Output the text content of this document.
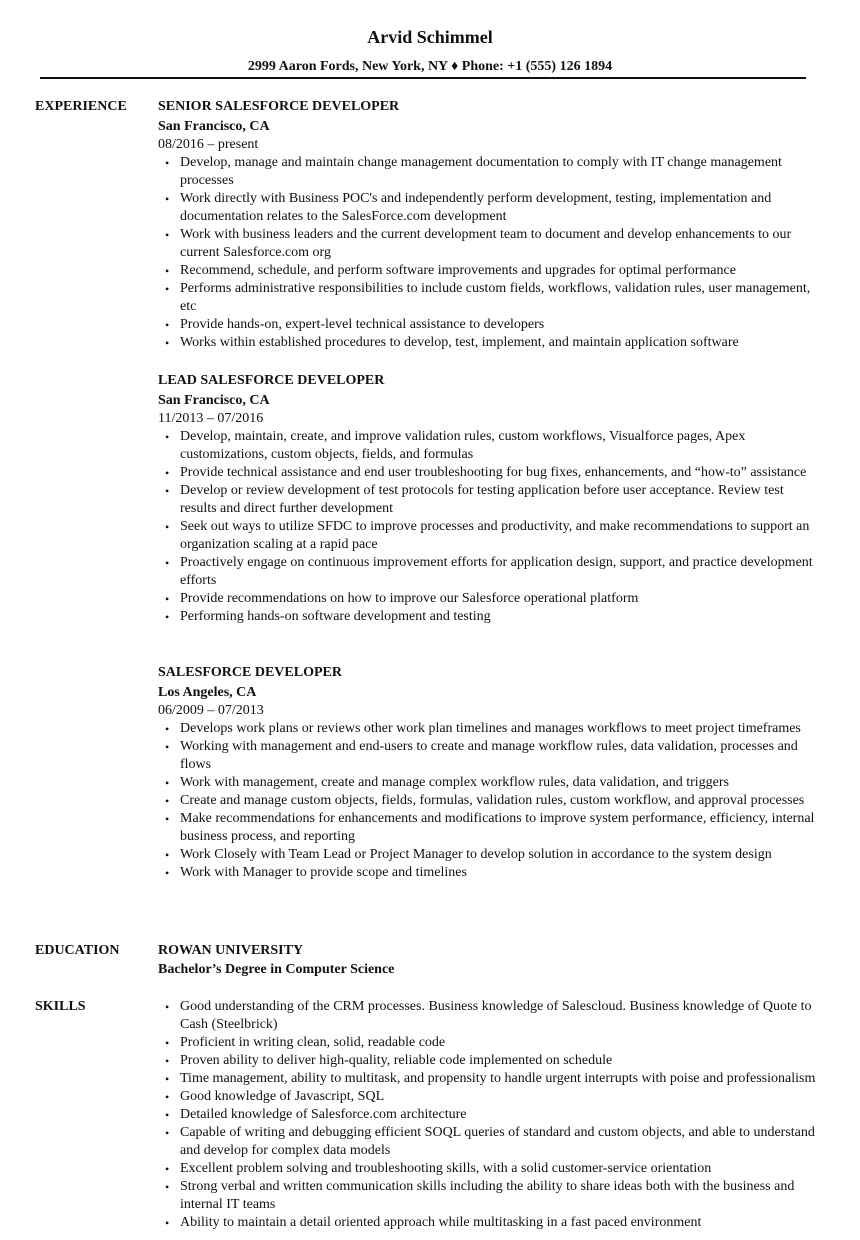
Arvid Schimmel
2999 Aaron Fords, New York, NY ♦ Phone: +1 (555) 126 1894
EXPERIENCE SENIOR SALESFORCE DEVELOPER
San Francisco, CA
08/2016 – present
• Develop, manage and maintain change management documentation to comply with IT change management processes
• Work directly with Business POC's and independently perform development, testing, implementation and documentation relates to the SalesForce.com development
• Work with business leaders and the current development team to document and develop enhancements to our current Salesforce.com org
• Recommend, schedule, and perform software improvements and upgrades for optimal performance
• Performs administrative responsibilities to include custom fields, workflows, validation rules, user management, etc
• Provide hands-on, expert-level technical assistance to developers
• Works within established procedures to develop, test, implement, and maintain application software
LEAD SALESFORCE DEVELOPER
San Francisco, CA
11/2013 – 07/2016
• Develop, maintain, create, and improve validation rules, custom workflows, Visualforce pages, Apex customizations, custom objects, fields, and formulas
• Provide technical assistance and end user troubleshooting for bug fixes, enhancements, and “how-to” assistance
• Develop or review development of test protocols for testing application before user acceptance. Review test results and direct further development
• Seek out ways to utilize SFDC to improve processes and productivity, and make recommendations to support an organization scaling at a rapid pace
• Proactively engage on continuous improvement efforts for application design, support, and practice development efforts
• Provide recommendations on how to improve our Salesforce operational platform
• Performing hands-on software development and testing
SALESFORCE DEVELOPER
Los Angeles, CA
06/2009 – 07/2013
• Develops work plans or reviews other work plan timelines and manages workflows to meet project timeframes
• Working with management and end-users to create and manage workflow rules, data validation, processes and flows
• Work with management, create and manage complex workflow rules, data validation, and triggers
• Create and manage custom objects, fields, formulas, validation rules, custom workflow, and approval processes
• Make recommendations for enhancements and modifications to improve system performance, efficiency, internal business process, and reporting
• Work Closely with Team Lead or Project Manager to develop solution in accordance to the system design
• Work with Manager to provide scope and timelines
EDUCATION	ROWAN UNIVERSITY
Bachelor’s Degree in Computer Science
SKILLS	• Good understanding of the CRM processes. Business knowledge of Salescloud. Business knowledge of Quote to Cash (Steelbrick)
• Proficient in writing clean, solid, readable code
• Proven ability to deliver high-quality, reliable code implemented on schedule
• Time management, ability to multitask, and propensity to handle urgent interrupts with poise and professionalism
• Good knowledge of Javascript, SQL
• Detailed knowledge of Salesforce.com architecture
• Capable of writing and debugging efficient SOQL queries of standard and custom objects, and able to understand and develop for complex data models
• Excellent problem solving and troubleshooting skills, with a solid customer-service orientation
• Strong verbal and written communication skills including the ability to share ideas both with the business and internal IT teams
• Ability to maintain a detail oriented approach while multitasking in a fast paced environment
